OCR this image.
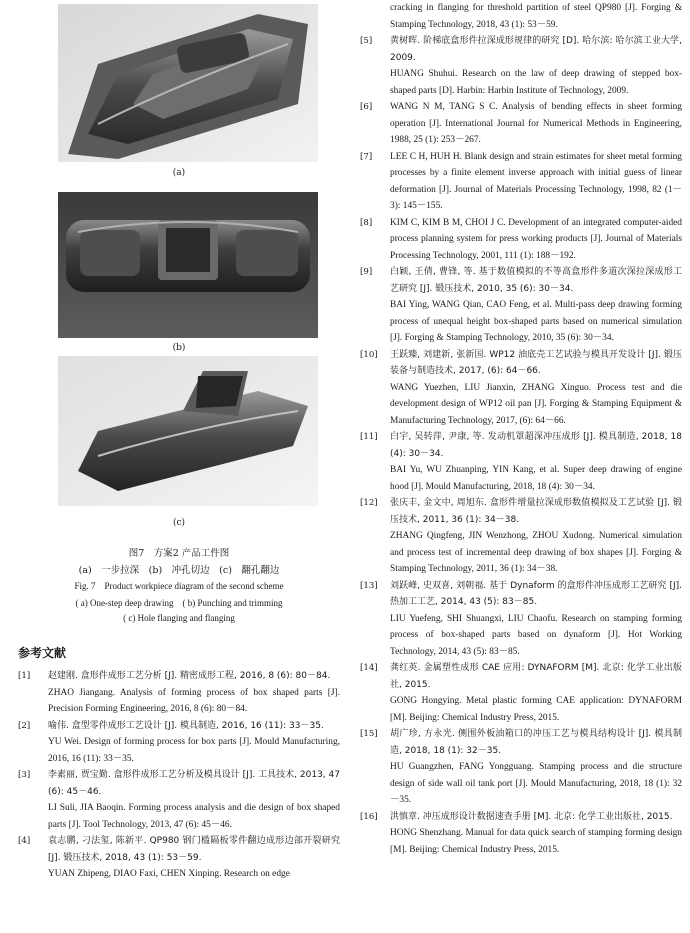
(a)
(b)
(c)
图7　方案2 产品工件图
(a)　一步拉深　(b)　冲孔切边　(c)　翻孔翻边
Fig. 7　Product workpiece diagram of the second scheme
( a) One-step deep drawing　( b) Punching and trimming
( c) Hole flanging and flanging
参考文献
[1]	赵建刚. 盒形件成形工艺分析 [J]. 精密成形工程, 2016, 8 (6): 80－84.
ZHAO Jiangang. Analysis of forming process of box shaped parts [J]. Precision Forming Engineering, 2016, 8 (6): 80－84.
[2]	喻伟. 盒型零件成形工艺设计 [J]. 模具制造, 2016, 16 (11): 33－35.
YU Wei. Design of forming process for box parts [J]. Mould Manufacturing, 2016, 16 (11): 33－35.
[3]	李素丽, 贾宝勤. 盒形件成形工艺分析及模具设计 [J]. 工具技术, 2013, 47 (6): 45－46.
LI Suli, JIA Baoqin. Forming process analysis and die design of box shaped parts [J]. Tool Technology, 2013, 47 (6): 45－46.
[4]	袁志鹏, 刁法玺, 陈新平. QP980 钢门槛隔板零件翻边成形边部开裂研究 [J]. 锻压技术, 2018, 43 (1): 53－59.
YUAN Zhipeng, DIAO Faxi, CHEN Xinping. Research on edge
cracking in flanging for threshold partition of steel QP980 [J]. Forging & Stamping Technology, 2018, 43 (1): 53－59.
[5]	黄树晖. 阶梯底盒形件拉深成形规律的研究 [D]. 哈尔滨: 哈尔滨工业大学, 2009.
HUANG Shuhui. Research on the law of deep drawing of stepped box-shaped parts [D]. Harbin: Harbin Institute of Technology, 2009.
[6]	WANG N M, TANG S C. Analysis of bending effects in sheet forming operation [J]. International Journal for Numerical Methods in Engineering, 1988, 25 (1): 253－267.
[7]	LEE C H, HUH H. Blank design and strain estimates for sheet metal forming processes by a finite element inverse approach with initial guess of linear deformation [J]. Journal of Materials Processing Technology, 1998, 82 (1－3): 145－155.
[8]	KIM C, KIM B M, CHOI J C. Development of an integrated computer-aided process planning system for press working products [J]. Journal of Materials Processing Technology, 2001, 111 (1): 188－192.
[9]	白颖, 王倩, 曹锋, 等. 基于数值模拟的不等高盒形件多道次深拉深成形工艺研究 [J]. 锻压技术, 2010, 35 (6): 30－34.
BAI Ying, WANG Qian, CAO Feng, et al. Multi-pass deep drawing forming process of unequal height box-shaped parts based on numerical simulation [J]. Forging & Stamping Technology, 2010, 35 (6): 30－34.
[10]	王跃臻, 刘建新, 张新国. WP12 油底壳工艺试验与模具开发设计 [J]. 锻压装备与制造技术, 2017, (6): 64－66.
WANG Yuezhen, LIU Jianxin, ZHANG Xinguo. Process test and die development design of WP12 oil pan [J]. Forging & Stamping Equipment & Manufacturing Technology, 2017, (6): 64－66.
[11]	白宇, 吴转萍, 尹康, 等. 发动机罩超深冲压成形 [J]. 模具制造, 2018, 18 (4): 30－34.
BAI Yu, WU Zhuanping, YIN Kang, et al. Super deep drawing of engine hood [J]. Mould Manufacturing, 2018, 18 (4): 30－34.
[12]	张庆丰, 金文中, 周旭东. 盒形件增量拉深成形数值模拟及工艺试验 [J]. 锻压技术, 2011, 36 (1): 34－38.
ZHANG Qingfeng, JIN Wenzhong, ZHOU Xudong. Numerical simulation and process test of incremental deep drawing of box shapes [J]. Forging & Stamping Technology, 2011, 36 (1): 34－38.
[13]	刘跃峰, 史双喜, 刘朝福. 基于 Dynaform 的盒形件冲压成形工艺研究 [J]. 热加工工艺, 2014, 43 (5): 83－85.
LIU Yuefeng, SHI Shuangxi, LIU Chaofu. Research on stamping forming process of box-shaped parts based on dynaform [J]. Hot Working Technology, 2014, 43 (5): 83－85.
[14]	龚红英. 金属塑性成形 CAE 应用: DYNAFORM [M]. 北京: 化学工业出版社, 2015.
GONG Hongying. Metal plastic forming CAE application: DYNAFORM [M]. Beijing: Chemical Industry Press, 2015.
[15]	胡广珍, 方永光. 侧围外板油箱口的冲压工艺与模具结构设计 [J]. 模具制造, 2018, 18 (1): 32－35.
HU Guangzhen, FANG Yongguang. Stamping process and die structure design of side wall oil tank port [J]. Mould Manufacturing, 2018, 18 (1): 32－35.
[16]	洪慎章. 冲压成形设计数据速查手册 [M]. 北京: 化学工业出版社, 2015.
HONG Shenzhang. Manual for data quick search of stamping forming design [M]. Beijing: Chemical Industry Press, 2015.
